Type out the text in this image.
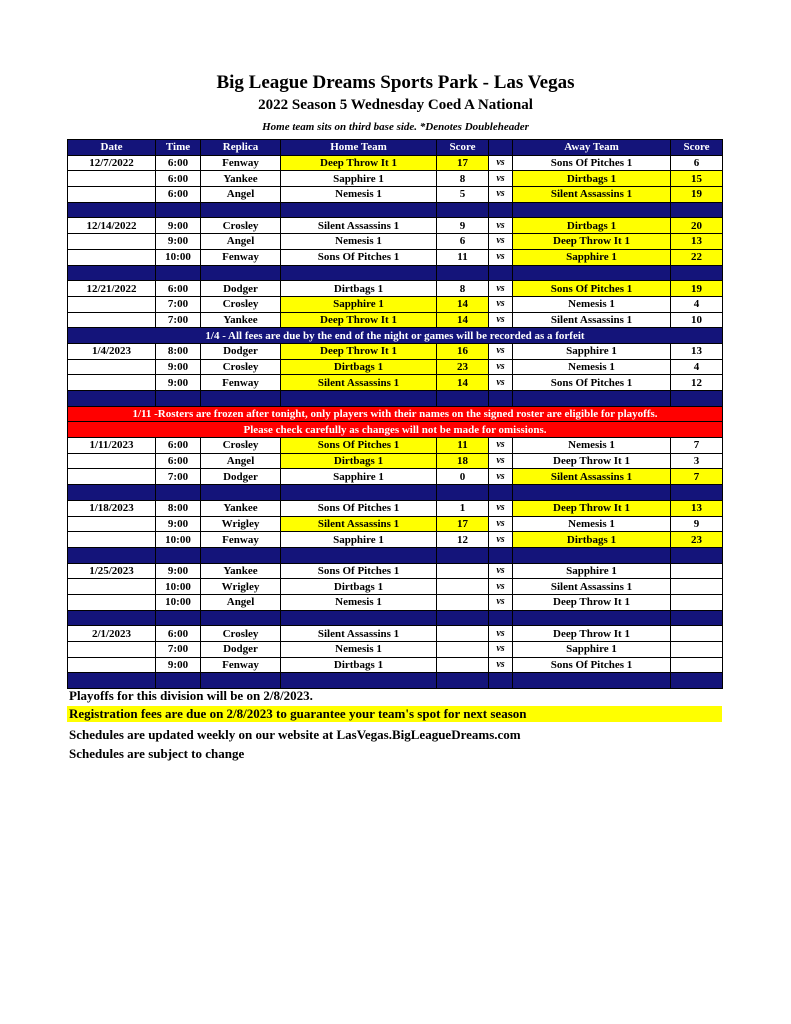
Big League Dreams Sports Park - Las Vegas
2022 Season 5 Wednesday Coed A National
Home team sits on third base side. *Denotes Doubleheader
Date	Time	Replica	Home Team	Score		Away Team	Score
12/7/2022	6:00	Fenway	Deep Throw It 1	17	vs	Sons Of Pitches 1	6
	6:00	Yankee	Sapphire 1	8	vs	Dirtbags 1	15
	6:00	Angel	Nemesis 1	5	vs	Silent Assassins 1	19

12/14/2022	9:00	Crosley	Silent Assassins 1	9	vs	Dirtbags 1	20
	9:00	Angel	Nemesis 1	6	vs	Deep Throw It 1	13
	10:00	Fenway	Sons Of Pitches 1	11	vs	Sapphire 1	22

12/21/2022	6:00	Dodger	Dirtbags 1	8	vs	Sons Of Pitches 1	19
	7:00	Crosley	Sapphire 1	14	vs	Nemesis 1	4
	7:00	Yankee	Deep Throw It 1	14	vs	Silent Assassins 1	10
1/4 - All fees are due by the end of the night or games will be recorded as a forfeit							
1/4/2023	8:00	Dodger	Deep Throw It 1	16	vs	Sapphire 1	13
	9:00	Crosley	Dirtbags 1	23	vs	Nemesis 1	4
	9:00	Fenway	Silent Assassins 1	14	vs	Sons Of Pitches 1	12

1/11 -Rosters are frozen after tonight, only players with their names on the signed roster are eligible for playoffs.							
Please check carefully as changes will not be made for omissions.							
1/11/2023	6:00	Crosley	Sons Of Pitches 1	11	vs	Nemesis 1	7
	6:00	Angel	Dirtbags 1	18	vs	Deep Throw It 1	3
	7:00	Dodger	Sapphire 1	0	vs	Silent Assassins 1	7

1/18/2023	8:00	Yankee	Sons Of Pitches 1	1	vs	Deep Throw It 1	13
	9:00	Wrigley	Silent Assassins 1	17	vs	Nemesis 1	9
	10:00	Fenway	Sapphire 1	12	vs	Dirtbags 1	23

1/25/2023	9:00	Yankee	Sons Of Pitches 1		vs	Sapphire 1	
	10:00	Wrigley	Dirtbags 1		vs	Silent Assassins 1	
	10:00	Angel	Nemesis 1		vs	Deep Throw It 1	

2/1/2023	6:00	Crosley	Silent Assassins 1		vs	Deep Throw It 1	
	7:00	Dodger	Nemesis 1		vs	Sapphire 1	
	9:00	Fenway	Dirtbags 1		vs	Sons Of Pitches 1	

Playoffs for this division will be on 2/8/2023.
Registration fees are due on 2/8/2023 to guarantee your team's spot for next season
Schedules are updated weekly on our website at LasVegas.BigLeagueDreams.com
Schedules are subject to change
